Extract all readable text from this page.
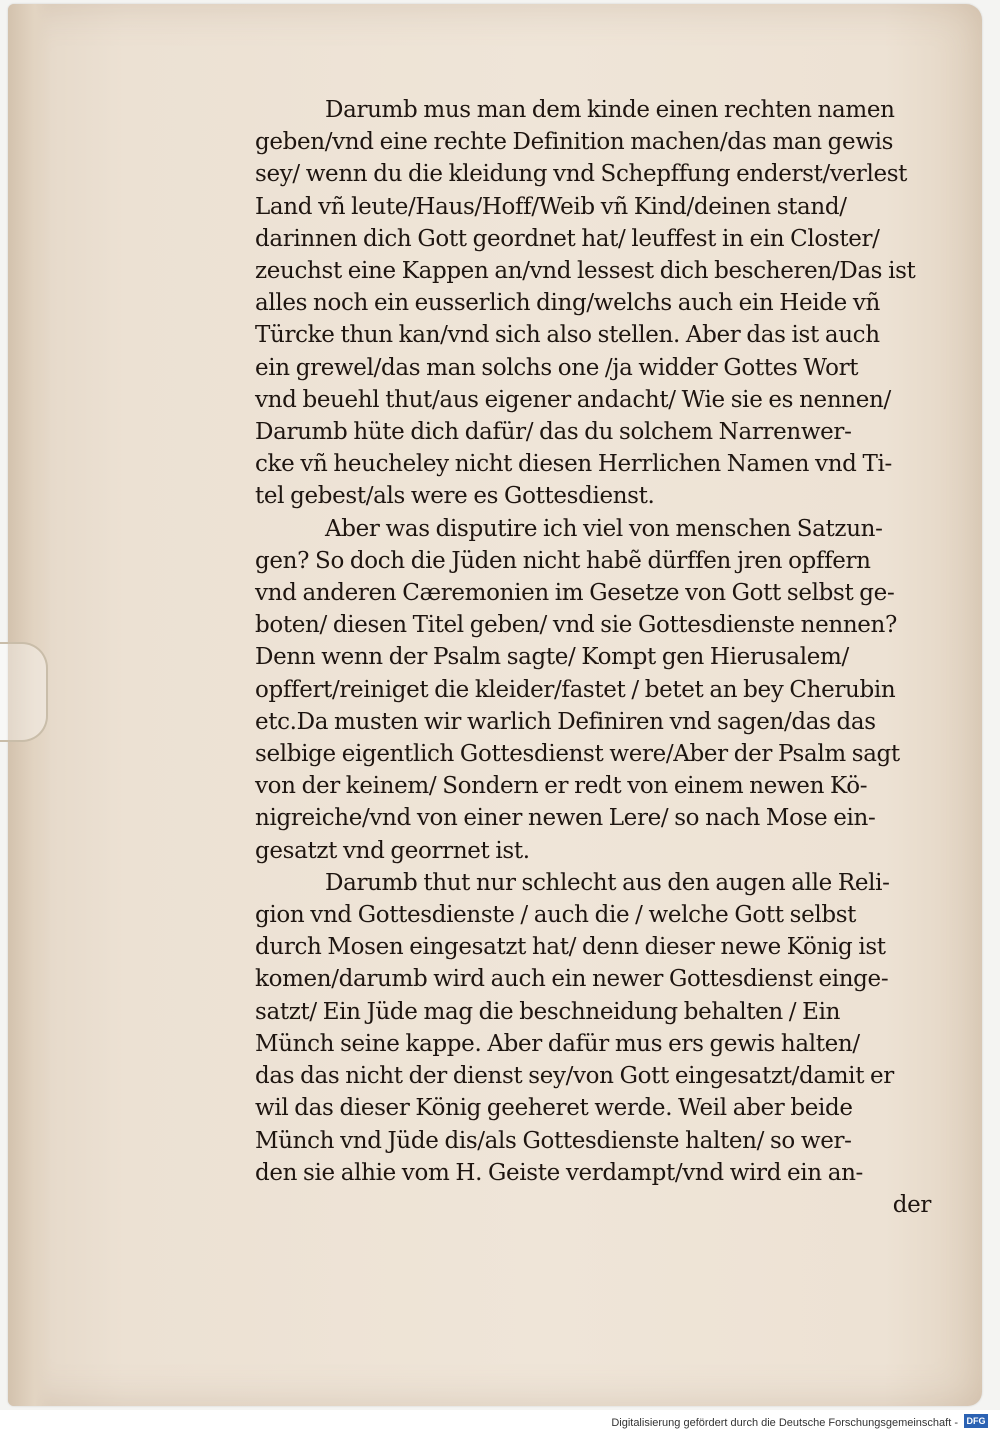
Darumb mus man dem kinde einen rechten namen
geben/vnd eine rechte Definition machen/das man gewis
sey/ wenn du die kleidung vnd Schepffung enderst/verlest
Land vñ leute/Haus/Hoff/Weib vñ Kind/deinen stand/
darinnen dich Gott geordnet hat/ leuffest in ein Closter/
zeuchst eine Kappen an/vnd lessest dich bescheren/Das ist
alles noch ein eusserlich ding/welchs auch ein Heide vñ
Türcke thun kan/vnd sich also stellen. Aber das ist auch
ein grewel/das man solchs one /ja widder Gottes Wort
vnd beuehl thut/aus eigener andacht/ Wie sie es nennen/
Darumb hüte dich dafür/ das du solchem Narrenwer-
cke vñ heucheley nicht diesen Herrlichen Namen vnd Ti-
tel gebest/als were es Gottesdienst.
Aber was disputire ich viel von menschen Satzun-
gen? So doch die Jüden nicht habẽ dürffen jren opffern
vnd anderen Cæremonien im Gesetze von Gott selbst ge-
boten/ diesen Titel geben/ vnd sie Gottesdienste nennen?
Denn wenn der Psalm sagte/ Kompt gen Hierusalem/
opffert/reiniget die kleider/fastet / betet an bey Cherubin
etc.Da musten wir warlich Definiren vnd sagen/das das
selbige eigentlich Gottesdienst were/Aber der Psalm sagt
von der keinem/ Sondern er redt von einem newen Kö-
nigreiche/vnd von einer newen Lere/ so nach Mose ein-
gesatzt vnd georrnet ist.
Darumb thut nur schlecht aus den augen alle Reli-
gion vnd Gottesdienste / auch die / welche Gott selbst
durch Mosen eingesatzt hat/ denn dieser newe König ist
komen/darumb wird auch ein newer Gottesdienst einge-
satzt/ Ein Jüde mag die beschneidung behalten / Ein
Münch seine kappe. Aber dafür mus ers gewis halten/
das das nicht der dienst sey/von Gott eingesatzt/damit er
wil das dieser König geeheret werde. Weil aber beide
Münch vnd Jüde dis/als Gottesdienste halten/ so wer-
den sie alhie vom H. Geiste verdampt/vnd wird ein an-
der
Digitalisierung gefördert durch die Deutsche Forschungsgemeinschaft - DFG
